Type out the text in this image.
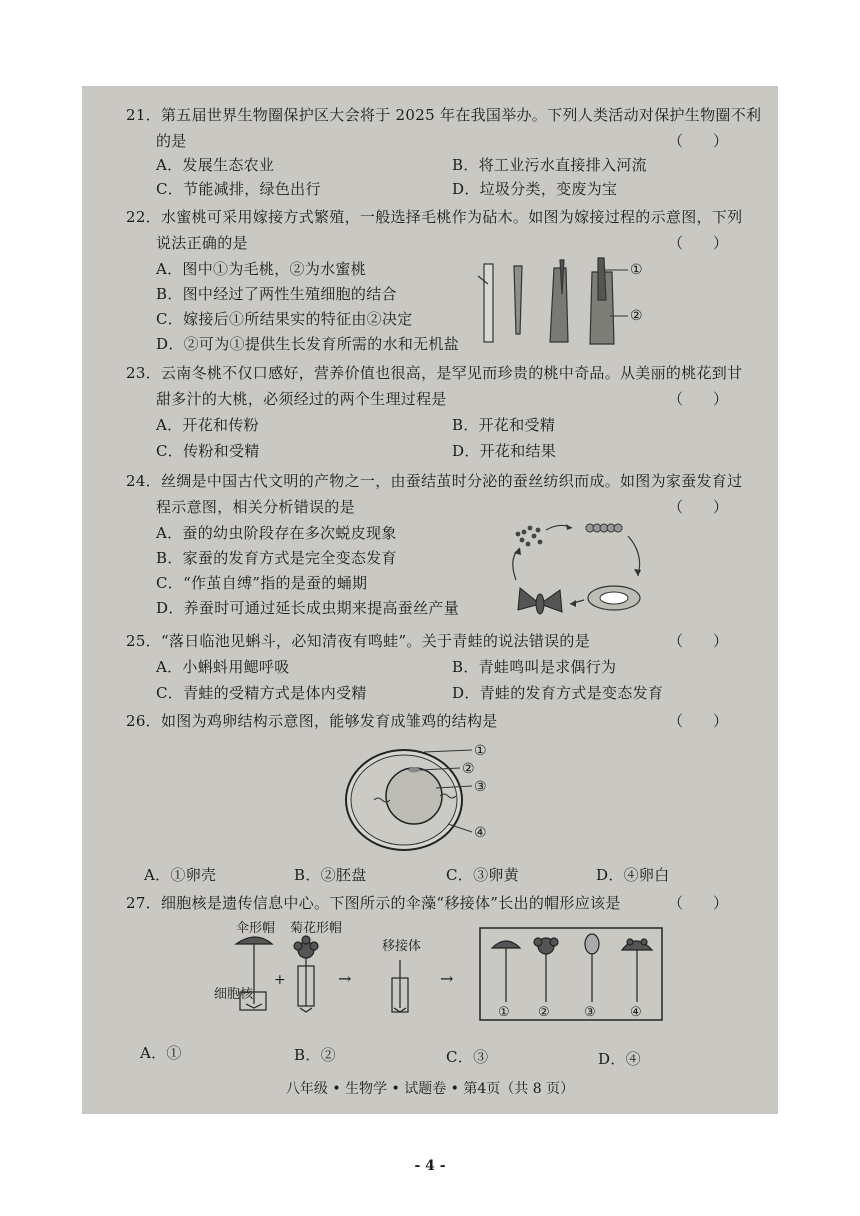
21．第五届世界生物圈保护区大会将于 2025 年在我国举办。下列人类活动对保护生物圈不利
的是	（　　）
A．发展生态农业	B．将工业污水直接排入河流
C．节能减排，绿色出行	D．垃圾分类，变废为宝
22．水蜜桃可采用嫁接方式繁殖，一般选择毛桃作为砧木。如图为嫁接过程的示意图，下列
说法正确的是	（　　）
A．图中①为毛桃，②为水蜜桃
B．图中经过了两性生殖细胞的结合
C．嫁接后①所结果实的特征由②决定
D．②可为①提供生长发育所需的水和无机盐
①
②
23．云南冬桃不仅口感好，营养价值也很高，是罕见而珍贵的桃中奇品。从美丽的桃花到甘
甜多汁的大桃，必须经过的两个生理过程是	（　　）
A．开花和传粉	B．开花和受精
C．传粉和受精	D．开花和结果
24．丝绸是中国古代文明的产物之一，由蚕结茧时分泌的蚕丝纺织而成。如图为家蚕发育过
程示意图，相关分析错误的是	（　　）
A．蚕的幼虫阶段存在多次蜕皮现象
B．家蚕的发育方式是完全变态发育
C．“作茧自缚”指的是蚕的蛹期
D．养蚕时可通过延长成虫期来提高蚕丝产量
25．“落日临池见蝌斗，必知清夜有鸣蛙”。关于青蛙的说法错误的是	（　　）
A．小蝌蚪用鳃呼吸	B．青蛙鸣叫是求偶行为
C．青蛙的受精方式是体内受精	D．青蛙的发育方式是变态发育
26．如图为鸡卵结构示意图，能够发育成雏鸡的结构是	（　　）
①
②
③
④
A．①卵壳	B．②胚盘	C．③卵黄	D．④卵白
27．细胞核是遗传信息中心。下图所示的伞藻“移接体”长出的帽形应该是	（　　）
伞形帽 菊花形帽
细胞核
移接体
+	→	→
① ②	③	④
A．①	B．②	C．③	D．④
八年级 • 生物学 • 试题卷 • 第4页（共 8 页）
- 4 -
